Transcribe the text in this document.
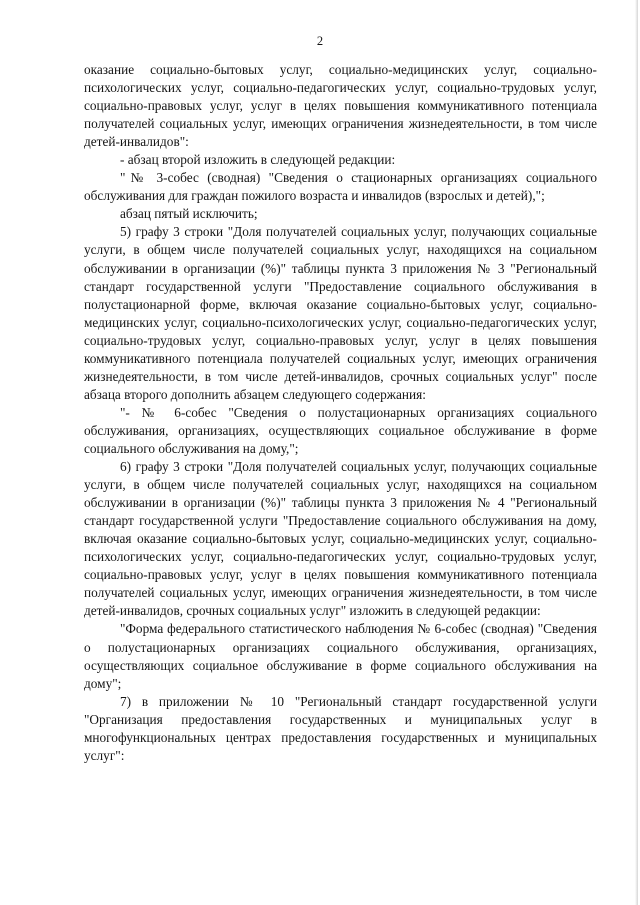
2

оказание социально-бытовых услуг, социально-медицинских услуг, социально-психологических услуг, социально-педагогических услуг, социально-трудовых услуг, социально-правовых услуг, услуг в целях повышения коммуникативного потенциала получателей социальных услуг, имеющих ограничения жизнедеятельности, в том числе детей-инвалидов":

- абзац второй изложить в следующей редакции:

"№ 3-собес (сводная) "Сведения о стационарных организациях социального обслуживания для граждан пожилого возраста и инвалидов (взрослых и детей),";

абзац пятый исключить;

5) графу 3 строки "Доля получателей социальных услуг, получающих социальные услуги, в общем числе получателей социальных услуг, находящихся на социальном обслуживании в организации (%)" таблицы пункта 3 приложения № 3 "Региональный стандарт государственной услуги "Предоставление социального обслуживания в полустационарной форме, включая оказание социально-бытовых услуг, социально-медицинских услуг, социально-психологических услуг, социально-педагогических услуг, социально-трудовых услуг, социально-правовых услуг, услуг в целях повышения коммуникативного потенциала получателей социальных услуг, имеющих ограничения жизнедеятельности, в том числе детей-инвалидов, срочных социальных услуг" после абзаца второго дополнить абзацем следующего содержания:

"- № 6-собес "Сведения о полустационарных организациях социального обслуживания, организациях, осуществляющих социальное обслуживание в форме социального обслуживания на дому,";

6) графу 3 строки "Доля получателей социальных услуг, получающих социальные услуги, в общем числе получателей социальных услуг, находящихся на социальном обслуживании в организации (%)" таблицы пункта 3 приложения № 4 "Региональный стандарт государственной услуги "Предоставление социального обслуживания на дому, включая оказание социально-бытовых услуг, социально-медицинских услуг, социально-психологических услуг, социально-педагогических услуг, социально-трудовых услуг, социально-правовых услуг, услуг в целях повышения коммуникативного потенциала получателей социальных услуг, имеющих ограничения жизнедеятельности, в том числе детей-инвалидов, срочных социальных услуг" изложить в следующей редакции:

"Форма федерального статистического наблюдения № 6-собес (сводная) "Сведения о полустационарных организациях социального обслуживания, организациях, осуществляющих социальное обслуживание в форме социального обслуживания на дому";

7) в приложении № 10 "Региональный стандарт государственной услуги "Организация предоставления государственных и муниципальных услуг в многофункциональных центрах предоставления государственных и муниципальных услуг":
